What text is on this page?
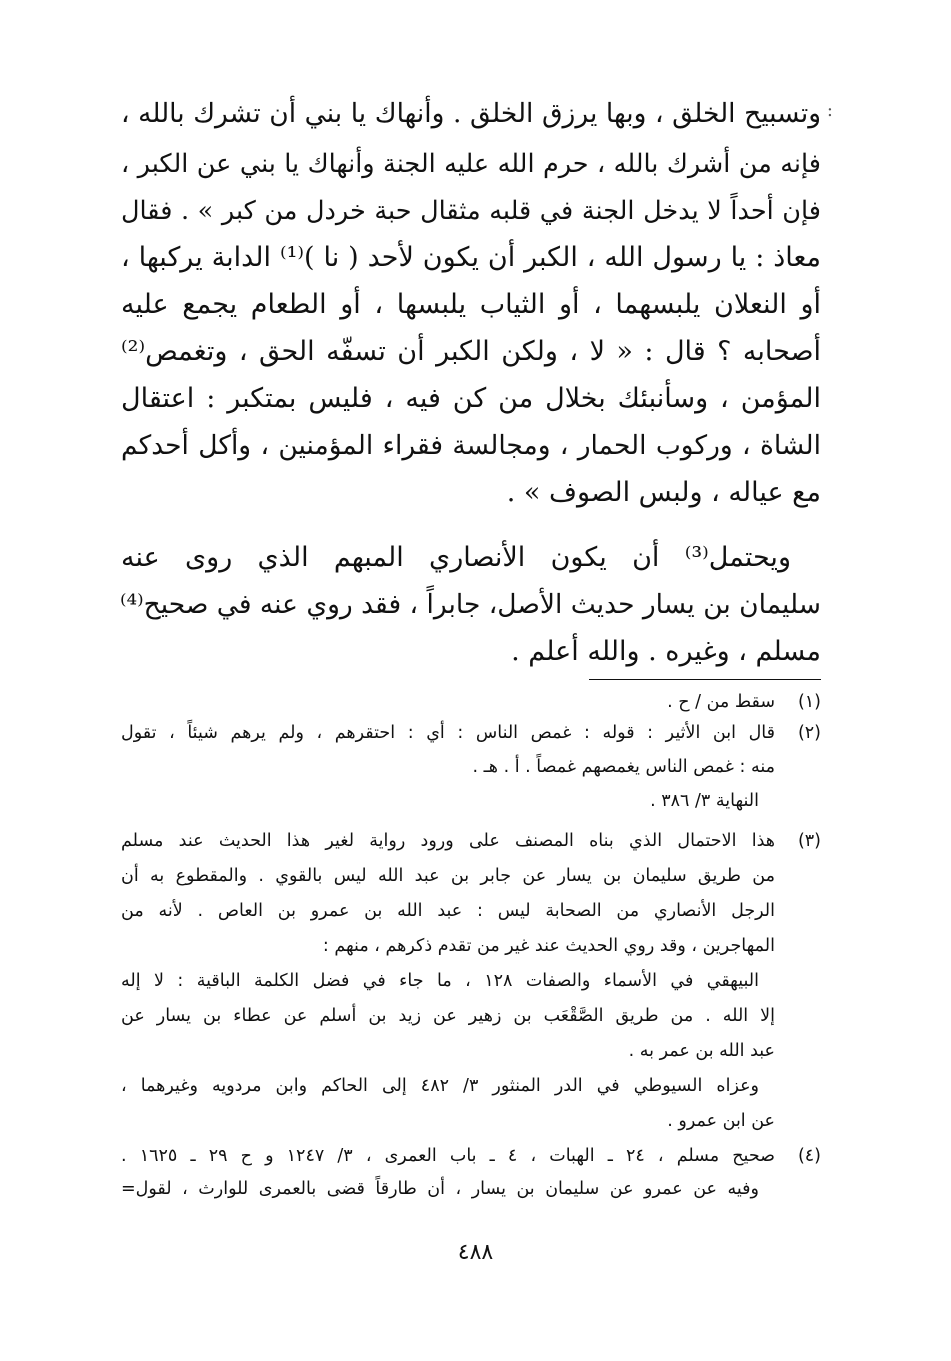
:
وتسبيح الخلق ، وبها يرزق الخلق . وأنهاك يا بني أن تشرك بالله ،
فإنه من أشرك بالله ، حرم الله عليه الجنة وأنهاك يا بني عن الكبر ،
فإن أحداً لا يدخل الجنة في قلبه مثقال حبة خردل من كبر » . فقال
معاذ : يا رسول الله ، الكبر أن يكون لأحد ( نا )⁽¹⁾ الدابة يركبها ،
أو النعلان يلبسهما ، أو الثياب يلبسها ، أو الطعام يجمع عليه
أصحابه ؟ قال : « لا ، ولكن الكبر أن تسفّه الحق ، وتغمص⁽²⁾
المؤمن ، وسأنبئك بخلال من كن فيه ، فليس بمتكبر : اعتقال
الشاة ، وركوب الحمار ، ومجالسة فقراء المؤمنين ، وأكل أحدكم
مع عياله ، ولبس الصوف » .
ويحتمل⁽³⁾ أن يكون الأنصاري المبهم الذي روى عنه
سليمان بن يسار حديث الأصل، جابراً ، فقد روي عنه في صحيح⁽⁴⁾
مسلم ، وغيره . والله أعلم .
(١)
سقط من / ح .
(٢)
قال ابن الأثير : قوله : غمص الناس : أي : احتقرهم ، ولم يرهم شيئاً ، تقول
منه : غمص الناس يغمصهم غمصاً . أ . هـ .
النهاية ٣/ ٣٨٦ .
(٣)
هذا الاحتمال الذي بناه المصنف على ورود رواية لغير هذا الحديث عند مسلم
من طريق سليمان بن يسار عن جابر بن عبد الله ليس بالقوي . والمقطوع به أن
الرجل الأنصاري من الصحابة ليس : عبد الله بن عمرو بن العاص . لأنه من
المهاجرين ، وقد روي الحديث عند غير من تقدم ذكرهم ، منهم :
البيهقي في الأسماء والصفات ١٢٨ ، ما جاء في فضل الكلمة الباقية : لا إله
إلا الله . من طريق الصَّقْعَب بن زهير عن زيد بن أسلم عن عطاء بن يسار عن
عبد الله بن عمر به .
وعزاه السيوطي في الدر المنثور ٣/ ٤٨٢ إلى الحاكم وابن مردويه وغيرهما ،
عن ابن عمرو .
(٤)
صحيح مسلم ، ٢٤ ـ الهبات ، ٤ ـ باب العمرى ، ٣/ ١٢٤٧ و ح ٢٩ ـ ١٦٢٥ .
وفيه عن عمرو عن سليمان بن يسار ، أن طارقاً قضى بالعمرى للوارث ، لقول=
٤٨٨
